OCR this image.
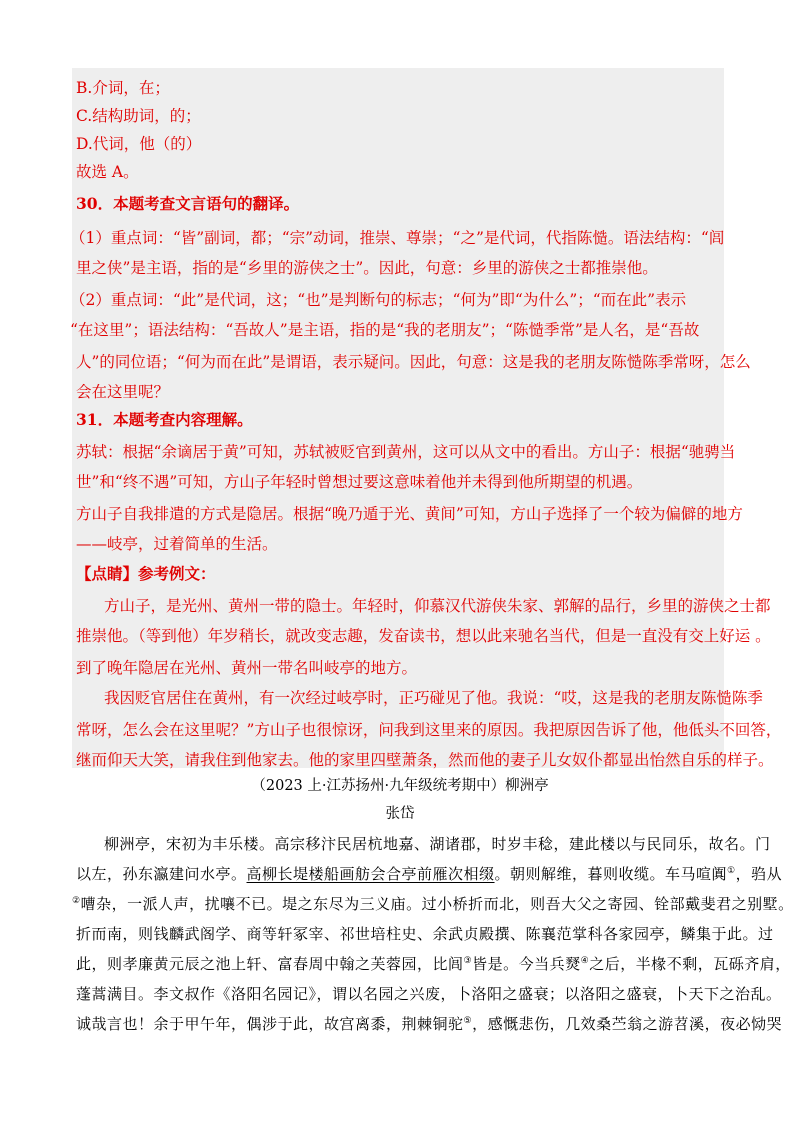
B.介词，在；
C.结构助词，的；
D.代词，他（的）
故选 A。
30．本题考查文言语句的翻译。
（1）重点词：“皆”副词，都；“宗”动词，推崇、尊崇；“之”是代词，代指陈慥。语法结构：“闾
里之侠”是主语，指的是“乡里的游侠之士”。因此，句意：乡里的游侠之士都推崇他。
（2）重点词：“此”是代词，这；“也”是判断句的标志；“何为”即“为什么”；“而在此”表示
“在这里”；语法结构：“吾故人”是主语，指的是“我的老朋友”；“陈慥季常”是人名，是“吾故
人”的同位语；“何为而在此”是谓语，表示疑问。因此，句意：这是我的老朋友陈慥陈季常呀，怎么
会在这里呢？
31．本题考查内容理解。
苏轼：根据“余谪居于黄”可知，苏轼被贬官到黄州，这可以从文中的看出。方山子：根据“驰骋当
世”和“终不遇”可知，方山子年轻时曾想过要这意味着他并未得到他所期望的机遇。
方山子自我排遣的方式是隐居。根据“晚乃遁于光、黄间”可知，方山子选择了一个较为偏僻的地方
——岐亭，过着简单的生活。
【点睛】参考例文：
方山子，是光州、黄州一带的隐士。年轻时，仰慕汉代游侠朱家、郭解的品行，乡里的游侠之士都
推崇他。（等到他）年岁稍长，就改变志趣，发奋读书，想以此来驰名当代，但是一直没有交上好运 。
到了晚年隐居在光州、黄州一带名叫岐亭的地方。
我因贬官居住在黄州，有一次经过岐亭时，正巧碰见了他。我说：“哎，这是我的老朋友陈慥陈季
常呀，怎么会在这里呢？”方山子也很惊讶，问我到这里来的原因。我把原因告诉了他，他低头不回答，
继而仰天大笑，请我住到他家去。他的家里四壁萧条，然而他的妻子儿女奴仆都显出怡然自乐的样子。
（2023 上·江苏扬州·九年级统考期中）柳洲亭
张岱
柳洲亭，宋初为丰乐楼。高宗移汴民居杭地嘉、湖诸郡，时岁丰稔，建此楼以与民同乐，故名。门
以左，孙东瀛建问水亭。高柳长堤楼船画舫会合亭前雁次相缀。朝则解维，暮则收缆。车马喧阗①，驺从
②嘈杂，一派人声，扰嚷不已。堤之东尽为三义庙。过小桥折而北，则吾大父之寄园、铨部戴斐君之别墅。
折而南，则钱麟武阁学、商等轩冢宰、祁世培柱史、余武贞殿撰、陈襄范掌科各家园亭，鳞集于此。过
此，则孝廉黄元辰之池上轩、富春周中翰之芙蓉园，比闾③皆是。今当兵燹④之后，半椽不剩，瓦砾齐肩，
蓬蒿满目。李文叔作《洛阳名园记》，谓以名园之兴废，卜洛阳之盛衰；以洛阳之盛衰，卜天下之治乱。
诚哉言也！余于甲午年，偶涉于此，故宫离黍，荆棘铜驼⑤，感慨悲伤，几效桑苎翁之游苕溪，夜必恸哭
